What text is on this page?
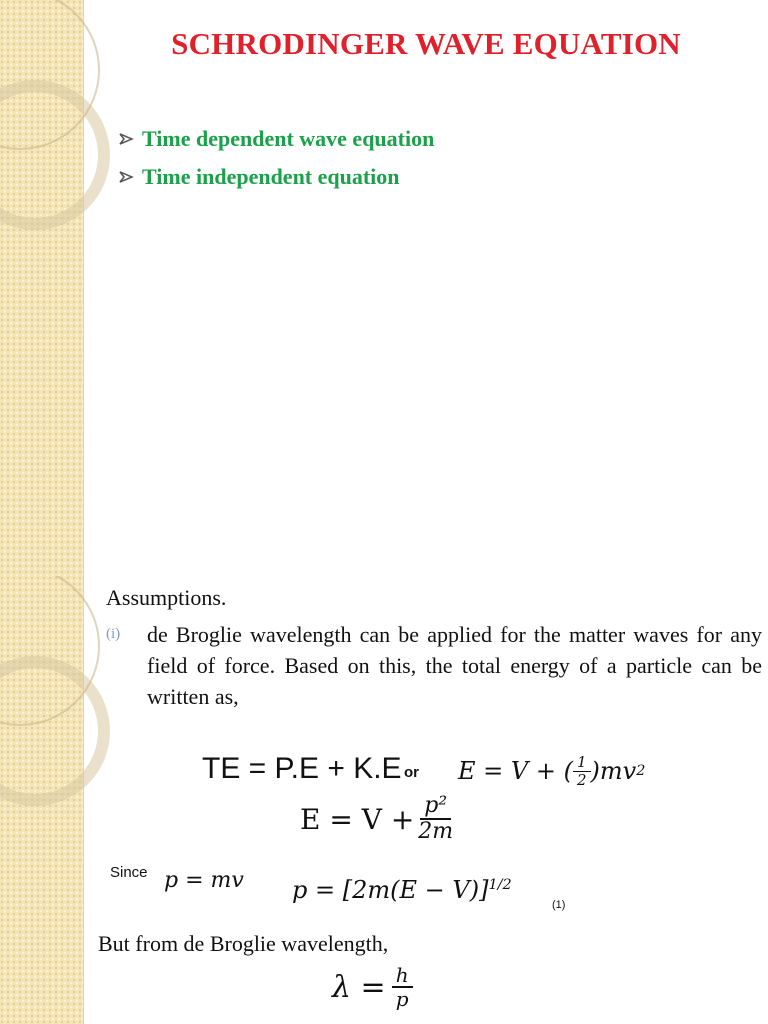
SCHRODINGER WAVE EQUATION
Time dependent wave equation
Time independent equation
Assumptions.
(i) de Broglie wavelength can be applied for the matter waves for any field of force. Based on this, the total energy of a particle can be written as,
TE = P.E + K.E or E = V + ( $\frac{1}{2} )mv$ 2
$E = V + \frac{\text{p²}}{2m}$
Since p = mv $p = [2m(E - V)]^{1/2}$
(1)
But from de Broglie wavelength,
$\lambda = \frac{h}{p}$
